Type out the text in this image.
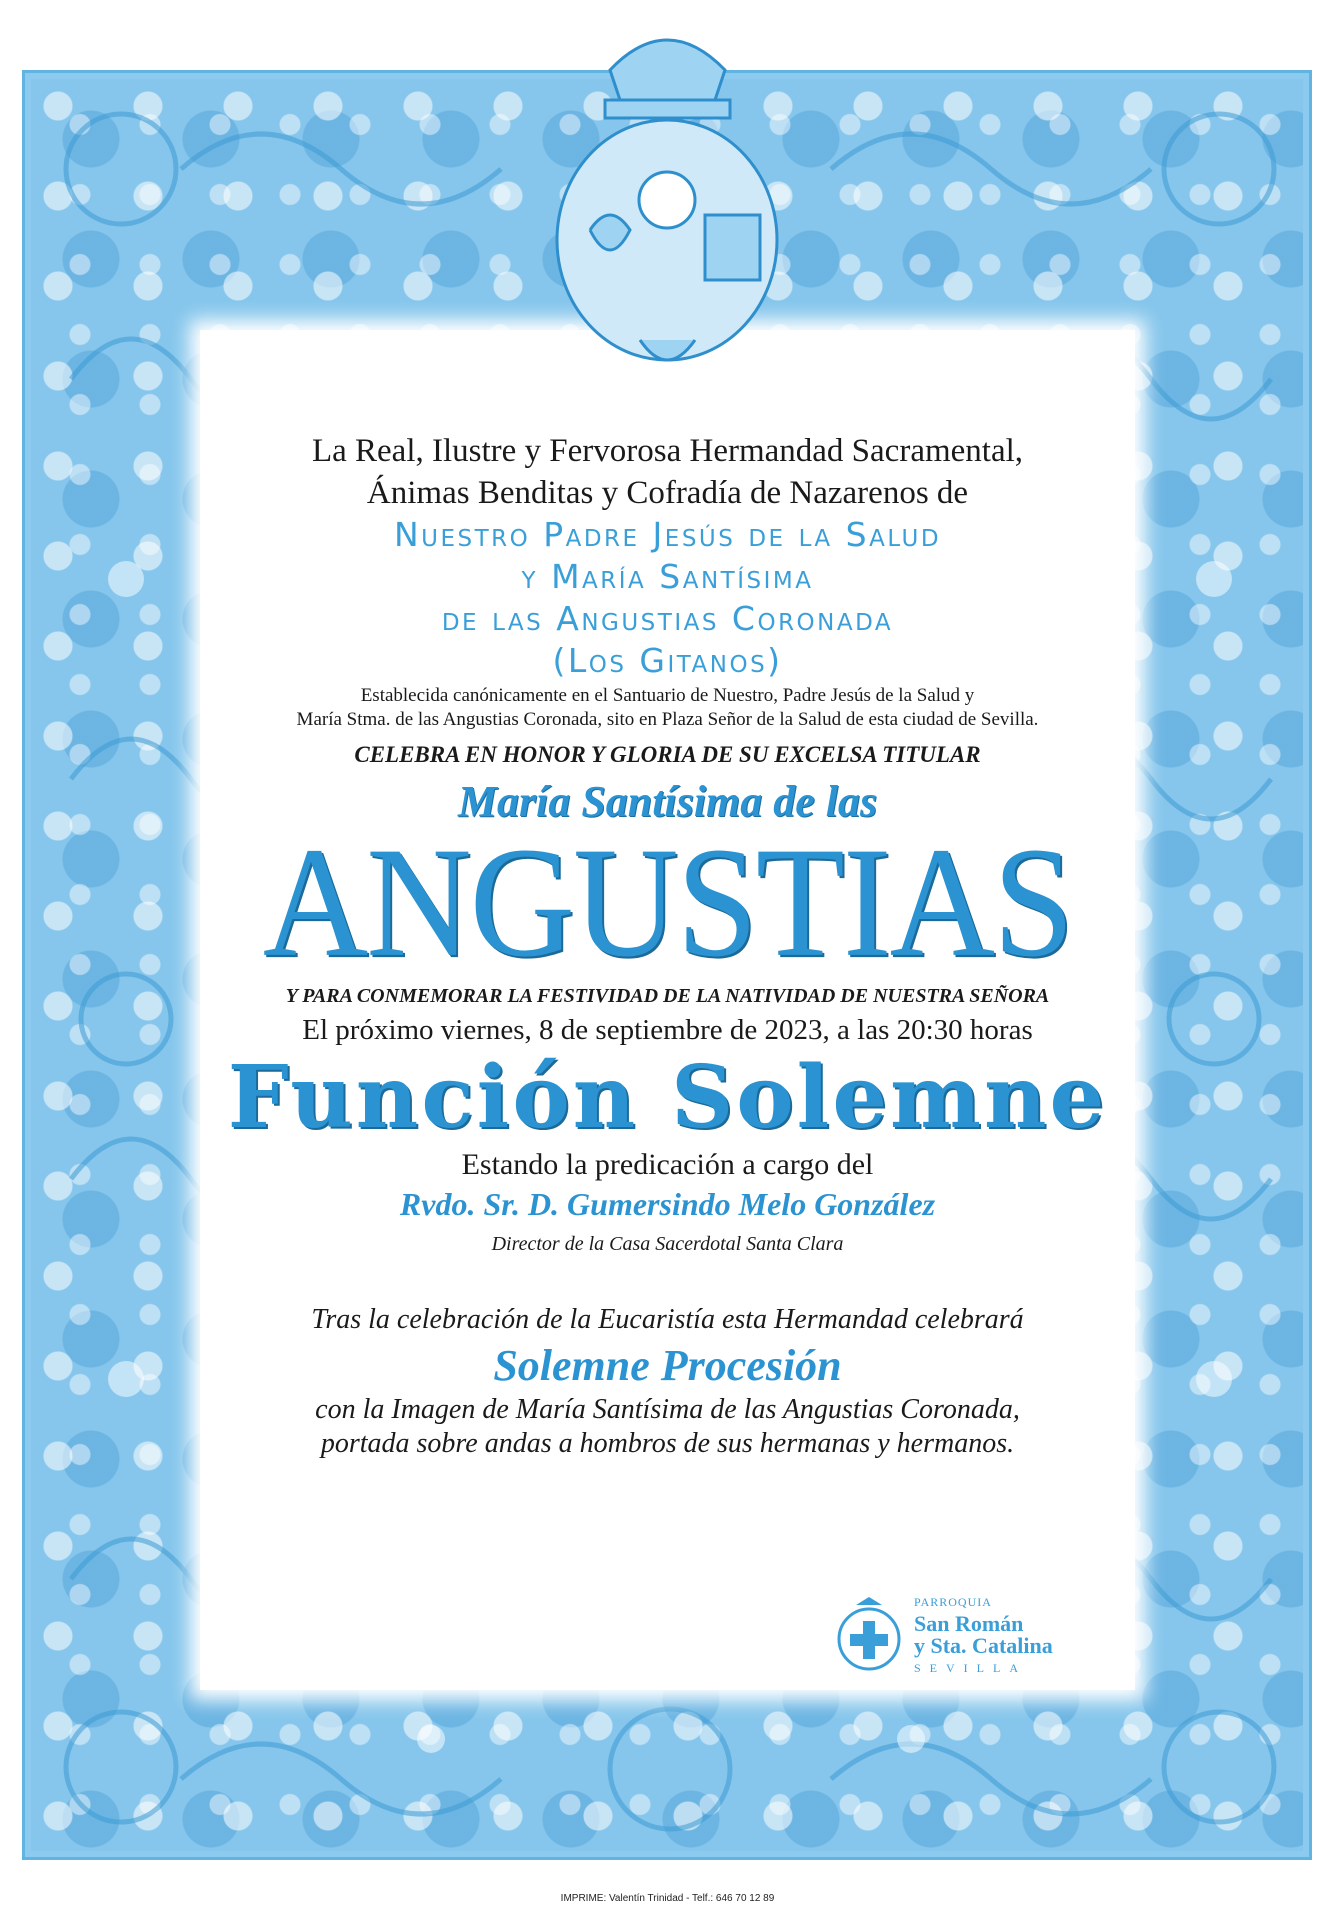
La Real, Ilustre y Fervorosa Hermandad Sacramental,

Ánimas Benditas y Cofradía de Nazarenos de

Nuestro Padre Jesús de la Salud

y María Santísima

de las Angustias Coronada

(Los Gitanos)

Establecida canónicamente en el Santuario de Nuestro, Padre Jesús de la Salud y

María Stma. de las Angustias Coronada, sito en Plaza Señor de la Salud de esta ciudad de Sevilla.

CELEBRA EN HONOR Y GLORIA DE SU EXCELSA TITULAR

María Santísima de las

ANGUSTIAS

Y PARA CONMEMORAR LA FESTIVIDAD DE LA NATIVIDAD DE NUESTRA SEÑORA

El próximo viernes, 8 de septiembre de 2023, a las 20:30 horas

Función Solemne

Estando la predicación a cargo del

Rvdo. Sr. D. Gumersindo Melo González

Director de la Casa Sacerdotal Santa Clara

Tras la celebración de la Eucaristía esta Hermandad celebrará

Solemne Procesión

con la Imagen de María Santísima de las Angustias Coronada,

portada sobre andas a hombros de sus hermanas y hermanos.

PARROQUIA
San Román
y Sta. Catalina
SEVILLA
IMPRIME: Valentín Trinidad - Telf.: 646 70 12 89
